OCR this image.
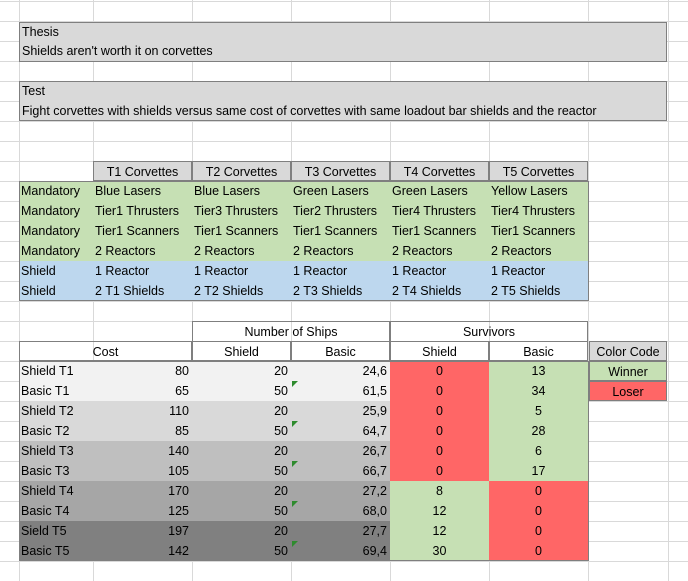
Thesis
Shields aren't worth it on corvettes
Test
Fight corvettes with shields versus same cost of corvettes with same loadout bar shields and the reactor
T1 Corvettes	T2 Corvettes	T3 Corvettes	T4 Corvettes	T5 Corvettes
Mandatory	Blue Lasers	Blue Lasers	Green Lasers	Green Lasers	Yellow Lasers
Mandatory	Tier1 Thrusters	Tier3 Thrusters	Tier2 Thrusters	Tier4 Thrusters	Tier4 Thrusters
Mandatory	Tier1 Scanners	Tier1 Scanners	Tier1 Scanners	Tier1 Scanners	Tier1 Scanners
Mandatory	2 Reactors	2 Reactors	2 Reactors	2 Reactors	2 Reactors
Shield	1 Reactor	1 Reactor	1 Reactor	1 Reactor	1 Reactor
Shield	2 T1 Shields	2 T2 Shields	2 T3 Shields	2 T4 Shields	2 T5 Shields
Number of Ships	Survivors
Cost	Shield	Basic	Shield	Basic
Shield T1	80	20	24,6	0	13
Basic T1	65	50	61,5	0	34
Shield T2	110	20	25,9	0	5
Basic T2	85	50	64,7	0	28
Shield T3	140	20	26,7	0	6
Basic T3	105	50	66,7	0	17
Shield T4	170	20	27,2	8	0
Basic T4	125	50	68,0	12	0
Sield T5	197	20	27,7	12	0
Basic T5	142	50	69,4	30	0
Color Code
Winner
Loser
